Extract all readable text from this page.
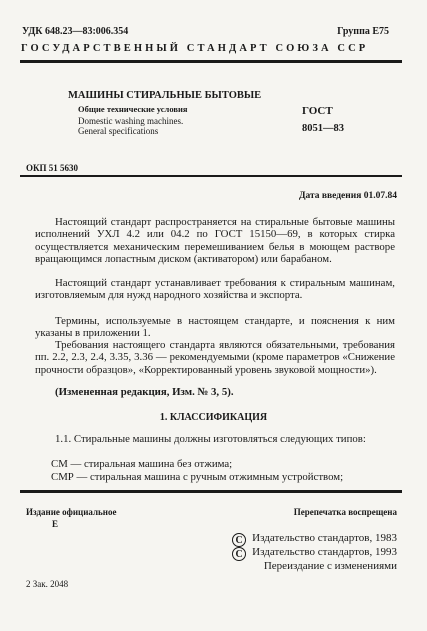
УДК 648.23—83:006.354	Группа Е75
ГОСУДАРСТВЕННЫЙ СТАНДАРТ СОЮЗА ССР
МАШИНЫ СТИРАЛЬНЫЕ БЫТОВЫЕ
Общие технические условия
Domestic washing machines.
General specifications
ГОСТ
8051—83
ОКП 51 5630
Дата введения 01.07.84

Настоящий стандарт распространяется на стиральные бытовые машины исполнений УХЛ 4.2 или 04.2 по ГОСТ 15150—69, в которых стирка осуществляется механическим перемешиванием белья в моющем растворе вращающимся лопастным диском (активатором) или барабаном.

Настоящий стандарт устанавливает требования к стиральным машинам, изготовляемым для нужд народного хозяйства и экспорта.

Термины, используемые в настоящем стандарте, и пояснения к ним указаны в приложении 1.

Требования настоящего стандарта являются обязательными, требования пп. 2.2, 2.3, 2.4, 3.35, 3.36 — рекомендуемыми (кроме параметров «Снижение прочности образцов», «Корректированный уровень звуковой мощности»).

(Измененная редакция, Изм. № 3, 5).

1. КЛАССИФИКАЦИЯ

1.1. Стиральные машины должны изготовляться следующих типов:

СМ — стиральная машина без отжима;
СМР — стиральная машина с ручным отжимным устройством;
Издание официальное
Е
Перепечатка воспрещена
С Издательство стандартов, 1983
С Издательство стандартов, 1993
Переиздание с изменениями
2 Зак. 2048
